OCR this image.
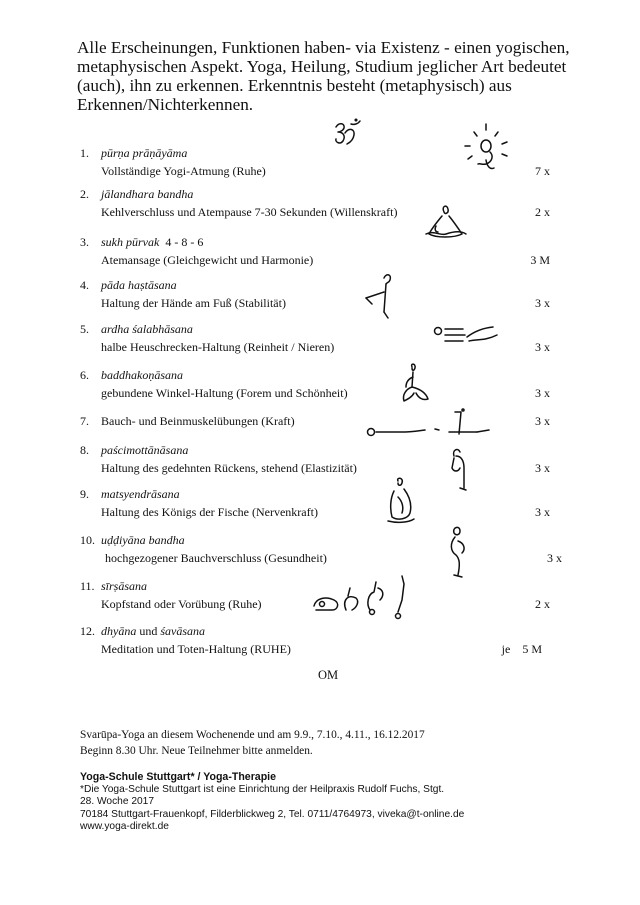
Alle Erscheinungen, Funktionen haben- via Existenz - einen yogischen, metaphysischen Aspekt. Yoga, Heilung, Studium jeglicher Art bedeutet (auch), ihn zu erkennen. Erkenntnis besteht (metaphysisch) aus Erkennen/Nichterkennen.

1. pūrṇa prāṇāyāma
Vollständige Yogi-Atmung (Ruhe)	7 x
2. jālandhara bandha
Kehlverschluss und Atempause 7-30 Sekunden (Willenskraft)	2 x
3. sukh pūrvak 4 - 8 - 6
Atemansage (Gleichgewicht und Harmonie)	3 M
4. pāda haṣtāsana
Haltung der Hände am Fuß (Stabilität)	3 x
5. ardha śalabhāsana
halbe Heuschrecken-Haltung (Reinheit / Nieren)	3 x
6. baddhakoṇāsana
gebundene Winkel-Haltung (Forem und Schönheit)	3 x
7. Bauch- und Beinmuskelübungen (Kraft)	3 x
8. paścimottānāsana
Haltung des gedehnten Rückens, stehend (Elastizität)	3 x
9. matsyendrāsana
Haltung des Königs der Fische (Nervenkraft)	3 x
10. uḍḍiyāna bandha
hochgezogener Bauchverschluss (Gesundheit)	3 x
11. sīrṣāsana
Kopfstand oder Vorübung (Ruhe)	2 x
12. dhyāna und śavāsana
Meditation und Toten-Haltung (RUHE)	je 5 M
OM
Svarūpa-Yoga an diesem Wochenende und am 9.9., 7.10., 4.11., 16.12.2017
Beginn 8.30 Uhr. Neue Teilnehmer bitte anmelden.
Yoga-Schule Stuttgart* / Yoga-Therapie
*Die Yoga-Schule Stuttgart ist eine Einrichtung der Heilpraxis Rudolf Fuchs, Stgt.
28. Woche 2017
70184 Stuttgart-Frauenkopf, Filderblickweg 2, Tel. 0711/4764973, viveka@t-online.de
www.yoga-direkt.de
